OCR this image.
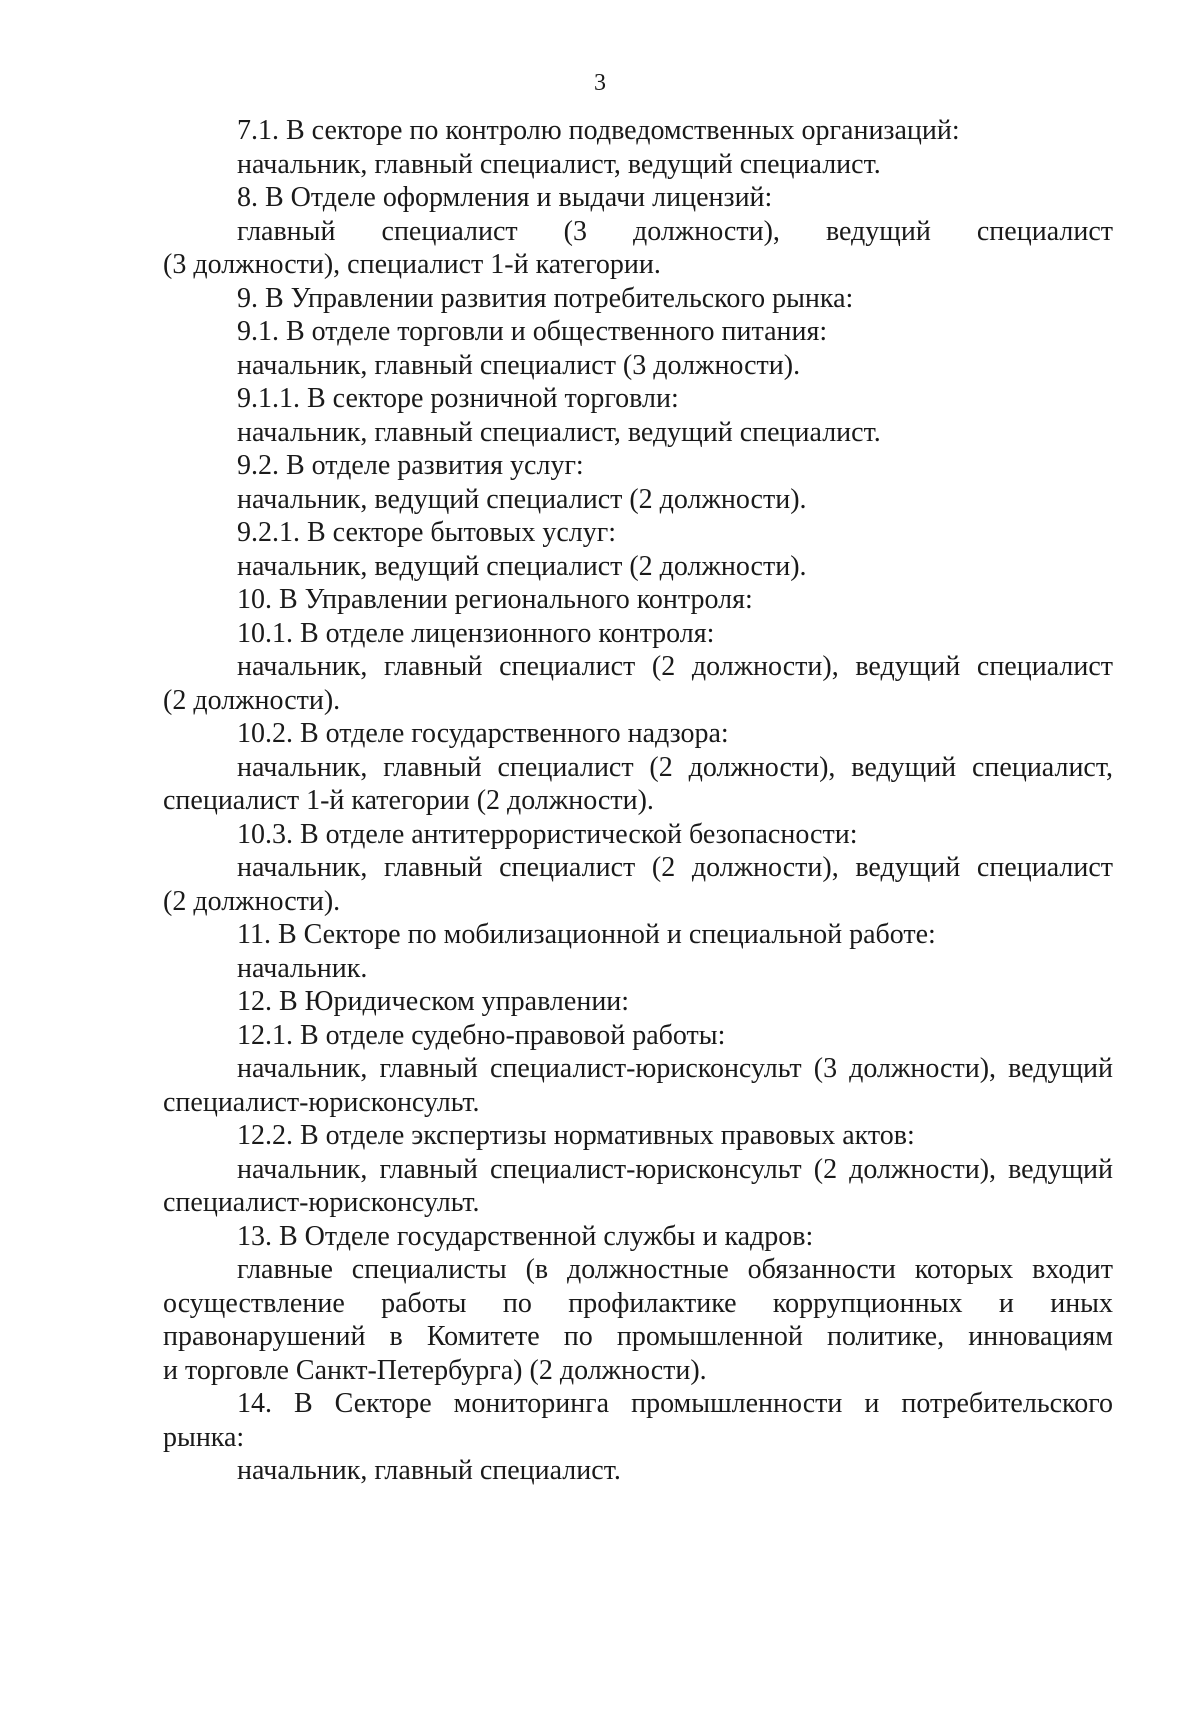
3
7.1. В секторе по контролю подведомственных организаций:
начальник, главный специалист, ведущий специалист.
8. В Отделе оформления и выдачи лицензий:
главный специалист (3 должности), ведущий специалист
(3 должности), специалист 1-й категории.
9. В Управлении развития потребительского рынка:
9.1. В отделе торговли и общественного питания:
начальник, главный специалист (3 должности).
9.1.1. В секторе розничной торговли:
начальник, главный специалист, ведущий специалист.
9.2. В отделе развития услуг:
начальник, ведущий специалист (2 должности).
9.2.1. В секторе бытовых услуг:
начальник, ведущий специалист (2 должности).
10. В Управлении регионального контроля:
10.1. В отделе лицензионного контроля:
начальник, главный специалист (2 должности), ведущий специалист
(2 должности).
10.2. В отделе государственного надзора:
начальник, главный специалист (2 должности), ведущий специалист,
специалист 1-й категории (2 должности).
10.3. В отделе антитеррористической безопасности:
начальник, главный специалист (2 должности), ведущий специалист
(2 должности).
11. В Секторе по мобилизационной и специальной работе:
начальник.
12. В Юридическом управлении:
12.1. В отделе судебно-правовой работы:
начальник, главный специалист-юрисконсульт (3 должности), ведущий
специалист-юрисконсульт.
12.2. В отделе экспертизы нормативных правовых актов:
начальник, главный специалист-юрисконсульт (2 должности), ведущий
специалист-юрисконсульт.
13. В Отделе государственной службы и кадров:
главные специалисты (в должностные обязанности которых входит
осуществление работы по профилактике коррупционных и иных
правонарушений в Комитете по промышленной политике, инновациям
и торговле Санкт-Петербурга) (2 должности).
14. В Секторе мониторинга промышленности и потребительского
рынка:
начальник, главный специалист.
